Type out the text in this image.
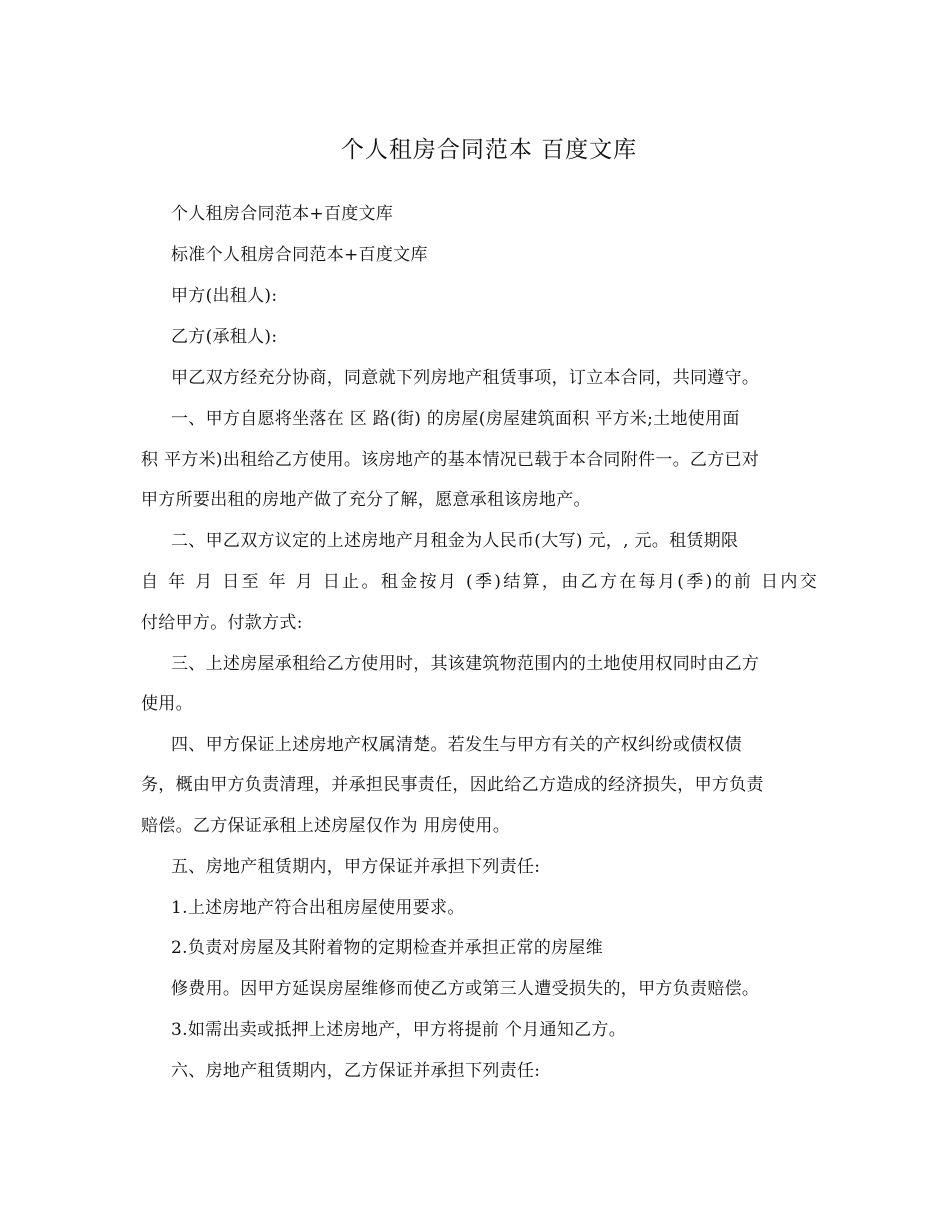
个人租房合同范本 百度文库
个人租房合同范本+百度文库
标准个人租房合同范本+百度文库
甲方(出租人):
乙方(承租人):
甲乙双方经充分协商，同意就下列房地产租赁事项，订立本合同，共同遵守。
一、甲方自愿将坐落在 区 路(街) 的房屋(房屋建筑面积 平方米;土地使用面
积 平方米)出租给乙方使用。该房地产的基本情况已载于本合同附件一。乙方已对
甲方所要出租的房地产做了充分了解，愿意承租该房地产。
二、甲乙双方议定的上述房地产月租金为人民币(大写) 元，, 元。租赁期限
自 年 月 日至 年 月 日止。租金按月 (季)结算，由乙方在每月(季)的前 日内交
付给甲方。付款方式:
三、上述房屋承租给乙方使用时，其该建筑物范围内的土地使用权同时由乙方
使用。
四、甲方保证上述房地产权属清楚。若发生与甲方有关的产权纠纷或债权债
务，概由甲方负责清理，并承担民事责任，因此给乙方造成的经济损失，甲方负责
赔偿。乙方保证承租上述房屋仅作为 用房使用。
五、房地产租赁期内，甲方保证并承担下列责任:
1.上述房地产符合出租房屋使用要求。
2.负责对房屋及其附着物的定期检查并承担正常的房屋维
修费用。因甲方延误房屋维修而使乙方或第三人遭受损失的，甲方负责赔偿。
3.如需出卖或抵押上述房地产，甲方将提前 个月通知乙方。
六、房地产租赁期内，乙方保证并承担下列责任:
